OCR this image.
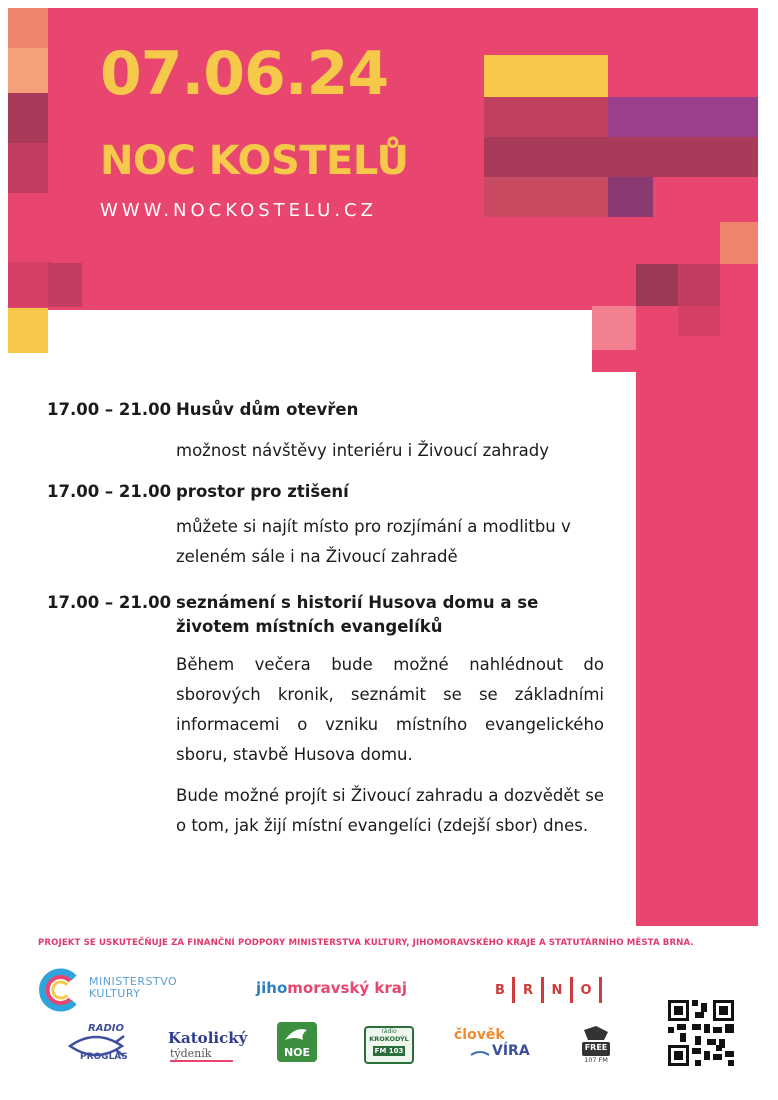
07.06.24
NOC KOSTELŮ
WWW.NOCKOSTELU.CZ
17.00 – 21.00 Husův dům otevřen
možnost návštěvy interiéru i Živoucí zahrady
17.00 – 21.00 prostor pro ztišení
můžete si najít místo pro rozjímání a modlitbu v zeleném sále i na Živoucí zahradě
17.00 – 21.00 seznámení s historií Husova domu a se životem místních evangelíků
Během večera bude možné nahlédnout do sborových kronik, seznámit se se základními informacemi o vzniku místního evangelického sboru, stavbě Husova domu.
Bude možné projít si Živoucí zahradu a dozvědět se o tom, jak žijí místní evangelíci (zdejší sbor) dnes.
PROJEKT SE USKUTEČŇUJE ZA FINANČNÍ PODPORY MINISTERSTVA KULTURY, JIHOMORAVSKÉHO KRAJE A STATUTÁRNÍHO MĚSTA BRNA.
MINISTERSTVO
KULTURY	jihomoravský kraj	B	R	N	O
RADIO
PROGLAS
Katolický
týdeník	NOE
rádio
KROKODÝL
FM 103
člověk
VÍRA	FREE
107 FM
